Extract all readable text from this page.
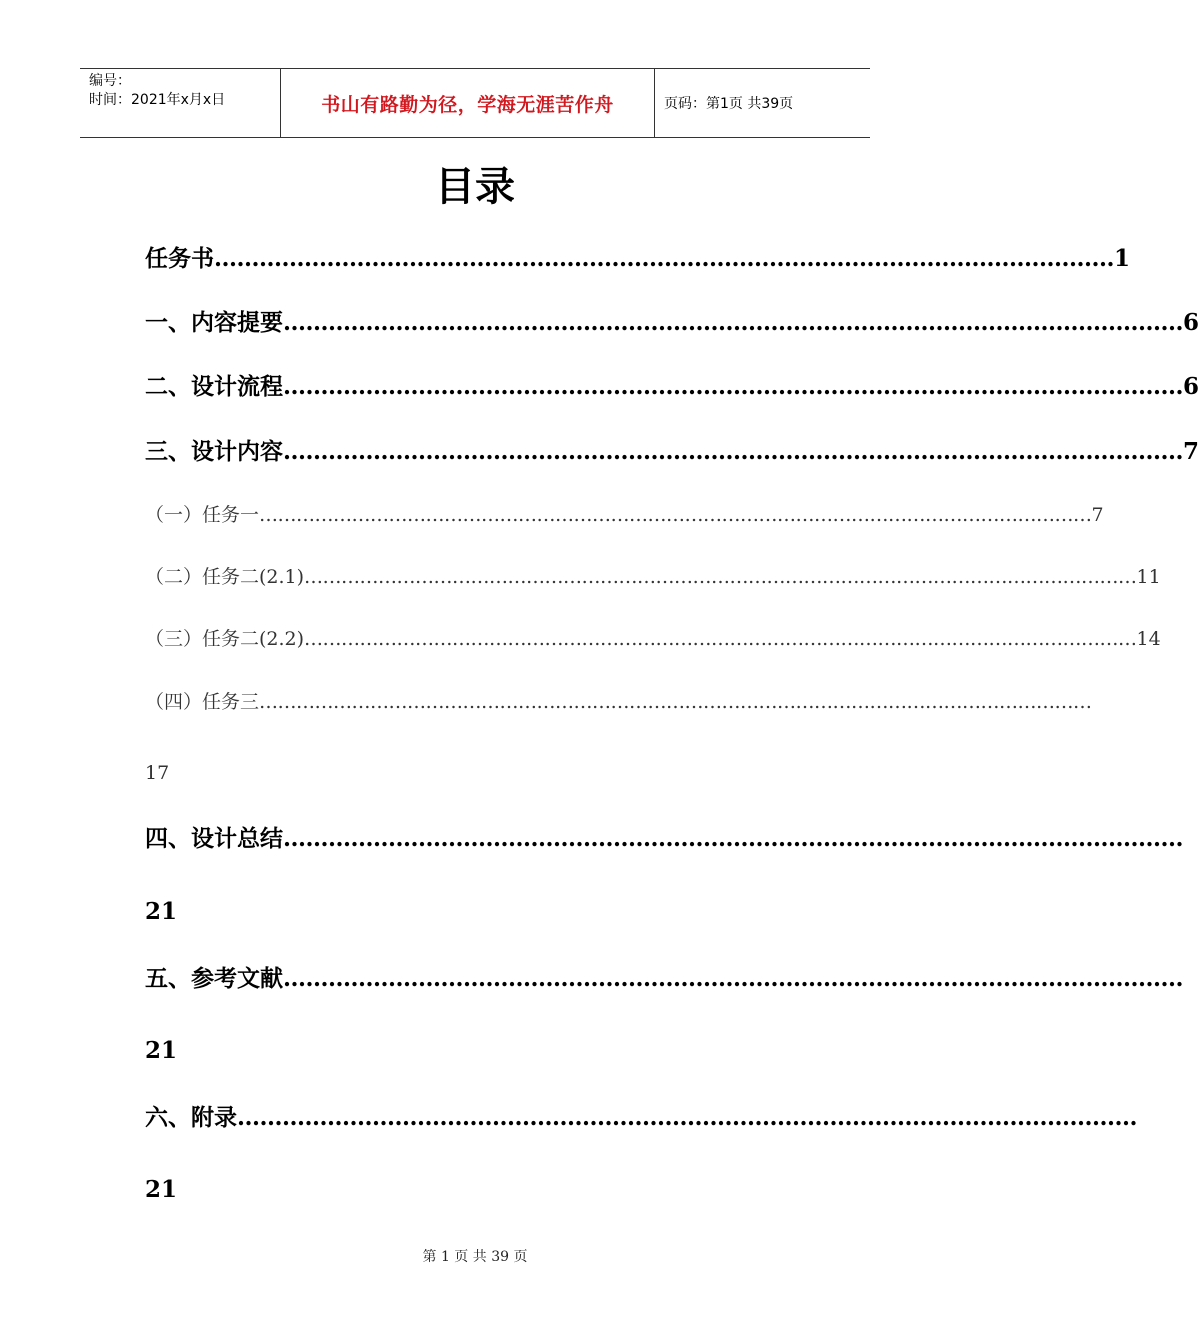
编号：
时间：2021年x月x日	书山有路勤为径，学海无涯苦作舟	页码：第1页 共39页
目录
任务书 ………………………………………………………………………………………………………… 1
一、内容提要 ………………………………………………………………………………………………………… 6
二、设计流程 ………………………………………………………………………………………………………… 6
三、设计内容 ………………………………………………………………………………………………………… 7
（一）任务一 ……………………………………………………………………………………………………………………… 7
（二）任务二(2.1) ……………………………………………………………………………………………………………………… 11
（三）任务二(2.2) ……………………………………………………………………………………………………………………… 14
（四）任务三 ………………………………………………………………………………………………………………………
17
四、设计总结 …………………………………………………………………………………………………………
21
五、参考文献 …………………………………………………………………………………………………………
21
六、附录 …………………………………………………………………………………………………………
21
第 1 页 共 39 页
